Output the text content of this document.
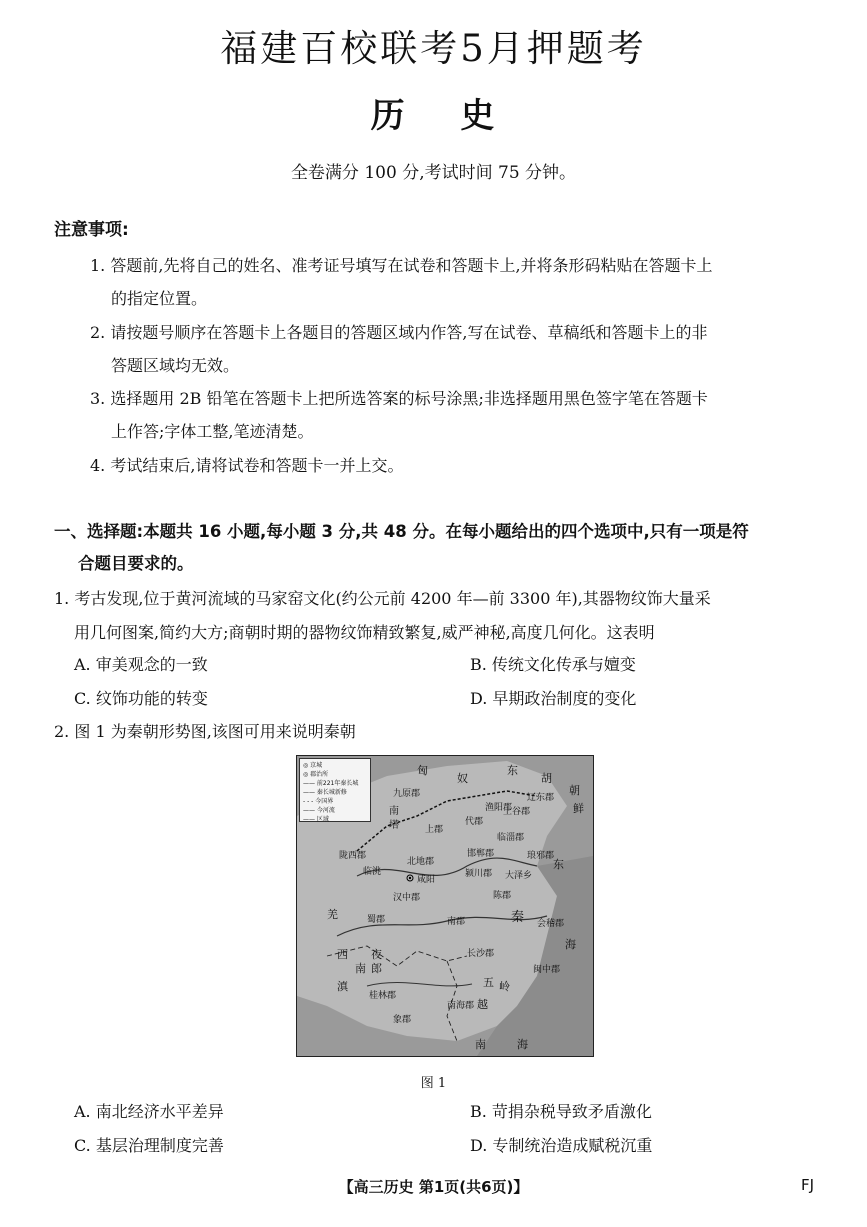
福建百校联考5月押题考
历 史
全卷满分 100 分,考试时间 75 分钟。
注意事项:
1. 答题前,先将自己的姓名、准考证号填写在试卷和答题卡上,并将条形码粘贴在答题卡上
的指定位置。
2. 请按题号顺序在答题卡上各题目的答题区域内作答,写在试卷、草稿纸和答题卡上的非
答题区域均无效。
3. 选择题用 2B 铅笔在答题卡上把所选答案的标号涂黑;非选择题用黑色签字笔在答题卡
上作答;字体工整,笔迹清楚。
4. 考试结束后,请将试卷和答题卡一并上交。
一、选择题:本题共 16 小题,每小题 3 分,共 48 分。在每小题给出的四个选项中,只有一项是符
合题目要求的。
1. 考古发现,位于黄河流域的马家窑文化(约公元前 4200 年—前 3300 年),其器物纹饰大量采
用几何图案,简约大方;商朝时期的器物纹饰精致繁复,威严神秘,高度几何化。这表明
A. 审美观念的一致	B. 传统文化传承与嬗变
C. 纹饰功能的转变	D. 早期政治制度的变化
2. 图 1 为秦朝形势图,该图可用来说明秦朝
◎ 京城
◎ 郡治所
—— 前221年秦长城
—— 秦长城新修
- - - 今国界
—— 今河流
—— 区域
匈
奴
东
胡
九原郡	辽东郡
朝
鲜
南
塔
渔阳郡
代郡
上谷郡
临淄郡
上郡
邯郸郡	琅邪郡
陇西郡
北地郡
临洮
咸阳
颍川郡 大泽乡
东
汉中郡	陈郡
秦 会稽郡
羌	蜀郡	南郡
西 夜
郎
长沙郡
南	闽中郡
滇
桂林郡
五 岭
越
象郡
南海郡
南	海
海
图 1
A. 南北经济水平差异	B. 苛捐杂税导致矛盾激化
C. 基层治理制度完善	D. 专制统治造成赋税沉重
【高三历史 第1页(共6页)】	FJ
